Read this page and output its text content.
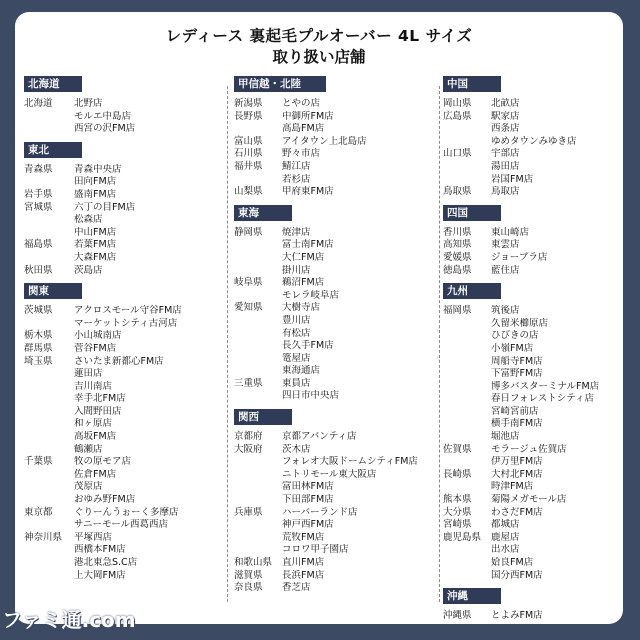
レディース 裏起毛プルオーバー 4L サイズ
取り扱い店舗
北海道
北海道	北野店
モルエ中島店
西宮の沢FM店
東北
青森県	青森中央店
田向FM店
岩手県	盛南FM店
宮城県	六丁の目FM店
松森店
中山FM店
福島県	若葉FM店
大森FM店
秋田県	茨島店
関東
茨城県	アクロスモール守谷FM店
マーケットシティ古河店
栃木県	小山城南店
群馬県	菅谷FM店
埼玉県	さいたま新都心FM店
蓮田店
吉川南店
幸手北FM店
入間野田店
和ヶ原店
高坂FM店
鶴瀬店
千葉県	牧の原モア店
佐倉FM店
茂原店
おゆみ野FM店
東京都	ぐりーんうぉーく多摩店
サニーモール西葛西店
神奈川県	平塚西店
西橋本FM店
港北東急S.C店
上大岡FM店
甲信越・北陸
新潟県	とやの店
長野県	中御所FM店
高島FM店
富山県	アイタウン上北島店
石川県	野々市店
福井県	鯖江店
若杉店
山梨県	甲府東FM店
東海
静岡県	焼津店
富士南FM店
大仁FM店
掛川店
岐阜県	鵜沼FM店
モレラ岐阜店
愛知県	大樹寺店
豊川店
有松店
長久手FM店
篭屋店
東海通店
三重県	東員店
四日市中央店
関西
京都府	京都アバンティ店
大阪府	茨木店
フォレオ大阪ドームシティFM店
ニトリモール東大阪店
富田林FM店
下田部FM店
兵庫県	ハーバーランド店
神戸西FM店
荒牧FM店
コロワ甲子園店
和歌山県	直川FM店
滋賀県	長浜FM店
奈良県	香芝店
中国
岡山県	北畝店
広島県	駅家店
西条店
ゆめタウンみゆき店
山口県	宇部店
湯田店
岩国FM店
鳥取県	鳥取店
四国
香川県	東山崎店
高知県	東雲店
愛媛県	ジョープラ店
徳島県	藍住店
九州
福岡県	筑後店
久留米櫛原店
ひびきの店
小嶺FM店
周船寺FM店
下富野FM店
博多バスターミナルFM店
春日フォレストシティ店
宮崎宮前店
横手南FM店
堀池店
佐賀県	モラージュ佐賀店
伊万里FM店
長崎県	大村北FM店
時津FM店
熊本県	菊陽メガモール店
大分県	わさだFM店
宮崎県	都城店
鹿児島県	鹿屋店
出水店
姶良FM店
国分西FM店
沖縄
沖縄県	とよみFM店
ファミ通.com
